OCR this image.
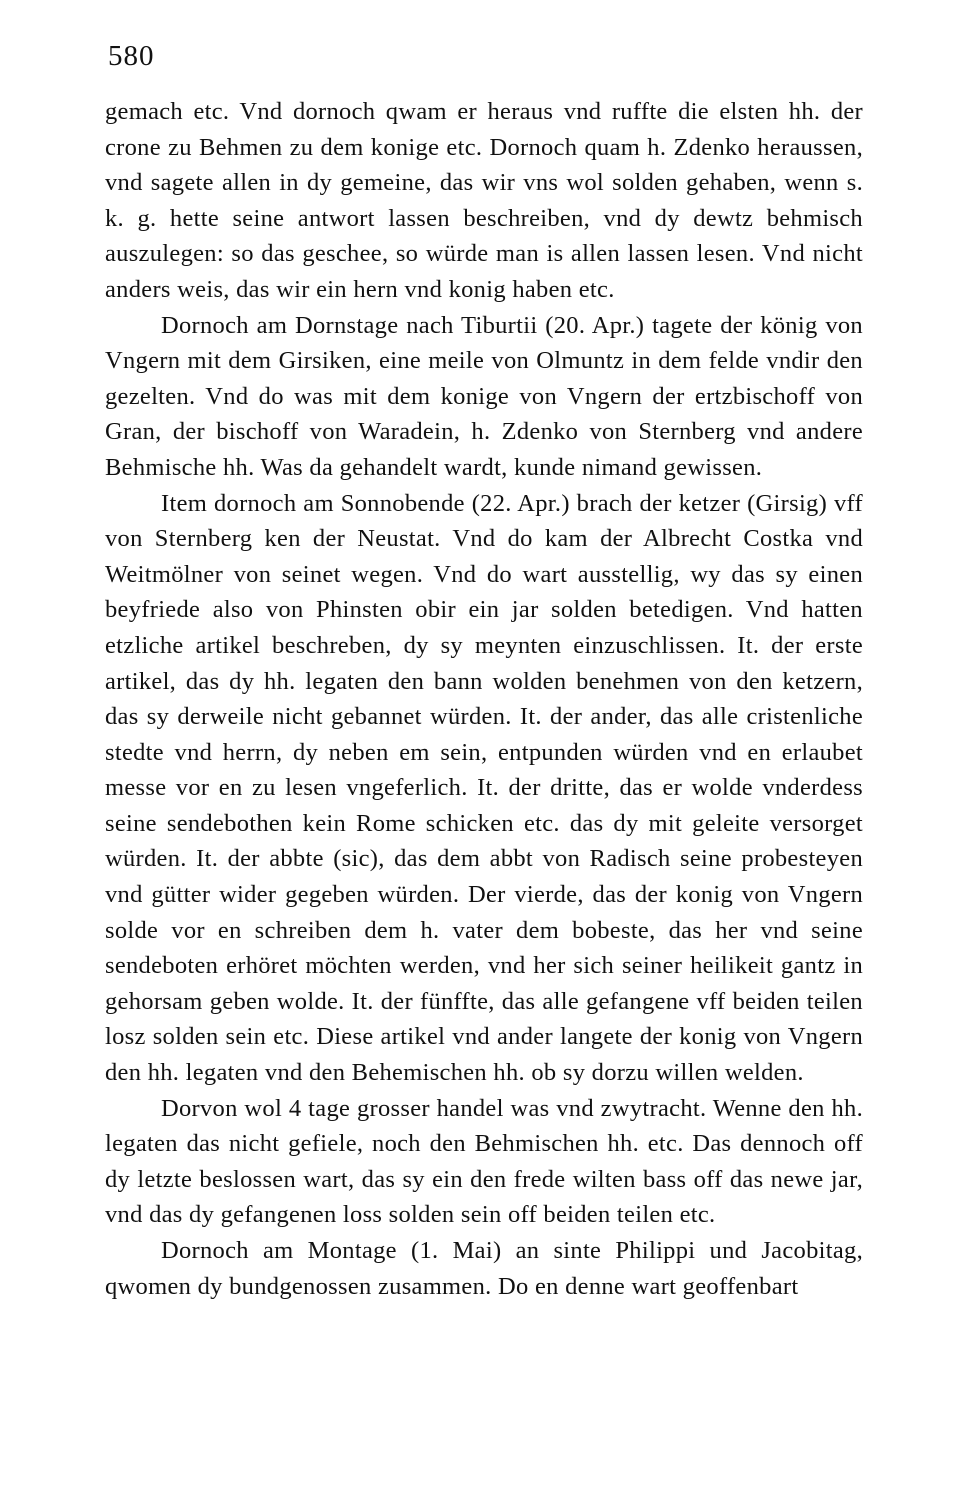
580

gemach etc. Vnd dornoch qwam er heraus vnd ruffte die elsten hh. der crone zu Behmen zu dem konige etc. Dornoch quam h. Zdenko heraussen, vnd sagete allen in dy gemeine, das wir vns wol solden gehaben, wenn s. k. g. hette seine antwort lassen beschreiben, vnd dy dewtz behmisch auszulegen: so das geschee, so würde man is allen lassen lesen. Vnd nicht anders weis, das wir ein hern vnd konig haben etc.

Dornoch am Dornstage nach Tiburtii (20. Apr.) tagete der könig von Vngern mit dem Girsiken, eine meile von Olmuntz in dem felde vndir den gezelten. Vnd do was mit dem konige von Vngern der ertzbischoff von Gran, der bischoff von Waradein, h. Zdenko von Sternberg vnd andere Behmische hh. Was da gehandelt wardt, kunde nimand gewissen.

Item dornoch am Sonnobende (22. Apr.) brach der ketzer (Girsig) vff von Sternberg ken der Neustat. Vnd do kam der Albrecht Costka vnd Weitmölner von seinet wegen. Vnd do wart ausstellig, wy das sy einen beyfriede also von Phinsten obir ein jar solden betedigen. Vnd hatten etzliche artikel beschreben, dy sy meynten einzuschlissen. It. der erste artikel, das dy hh. legaten den bann wolden benehmen von den ketzern, das sy derweile nicht gebannet würden. It. der ander, das alle cristenliche stedte vnd herrn, dy neben em sein, entpunden würden vnd en erlaubet messe vor en zu lesen vngeferlich. It. der dritte, das er wolde vnderdess seine sendebothen kein Rome schicken etc. das dy mit geleite versorget würden. It. der abbte (sic), das dem abbt von Radisch seine probesteyen vnd gütter wider gegeben würden. Der vierde, das der konig von Vngern solde vor en schreiben dem h. vater dem bobeste, das her vnd seine sendeboten erhöret möchten werden, vnd her sich seiner heilikeit gantz in gehorsam geben wolde. It. der fünffte, das alle gefangene vff beiden teilen losz solden sein etc. Diese artikel vnd ander langete der konig von Vngern den hh. legaten vnd den Behemischen hh. ob sy dorzu willen welden.

Dorvon wol 4 tage grosser handel was vnd zwytracht. Wenne den hh. legaten das nicht gefiele, noch den Behmischen hh. etc. Das dennoch off dy letzte beslossen wart, das sy ein den frede wilten bass off das newe jar, vnd das dy gefangenen loss solden sein off beiden teilen etc.

Dornoch am Montage (1. Mai) an sinte Philippi und Jacobitag, qwomen dy bundgenossen zusammen. Do en denne wart geoffenbart
